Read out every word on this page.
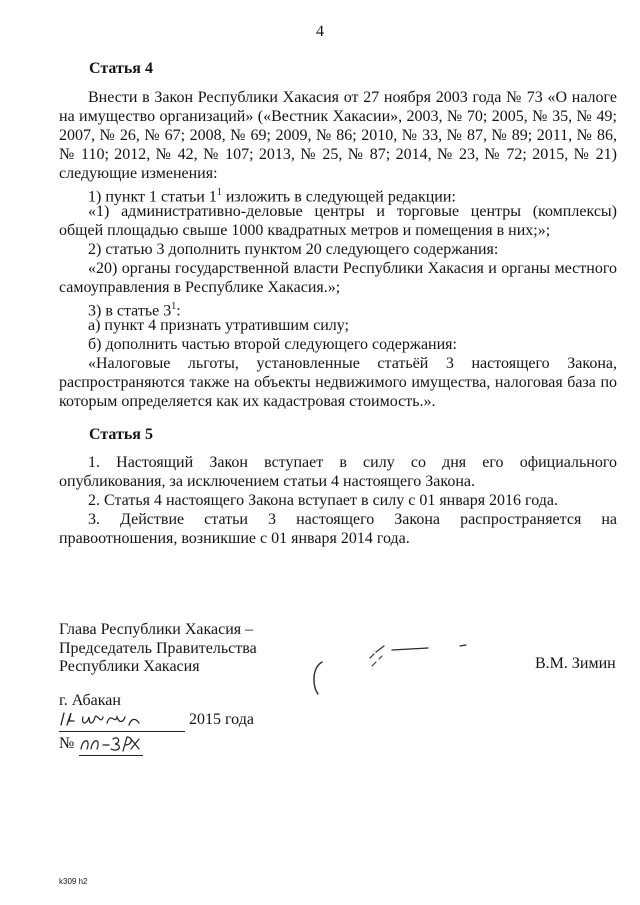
4
Статья 4
Внести в Закон Республики Хакасия от 27 ноября 2003 года № 73 «О налоге на имущество организаций» («Вестник Хакасии», 2003, № 70; 2005, № 35, № 49; 2007, № 26, № 67; 2008, № 69; 2009, № 86; 2010, № 33, № 87, № 89; 2011, № 86, № 110; 2012, № 42, № 107; 2013, № 25, № 87; 2014, № 23, № 72; 2015, № 21) следующие изменения:
1) пункт 1 статьи $1^1$ изложить в следующей редакции:
«1) административно-деловые центры и торговые центры (комплексы) общей площадью свыше 1000 квадратных метров и помещения в них;»;
2) статью 3 дополнить пунктом 20 следующего содержания:
«20) органы государственной власти Республики Хакасия и органы местного самоуправления в Республике Хакасия.»;
3) в статье $3^1$:
а) пункт 4 признать утратившим силу;
б) дополнить частью второй следующего содержания:
«Налоговые льготы, установленные статьёй 3 настоящего Закона, распространяются также на объекты недвижимого имущества, налоговая база по которым определяется как их кадастровая стоимость.».
Статья 5
1. Настоящий Закон вступает в силу со дня его официального опубликования, за исключением статьи 4 настоящего Закона.
2. Статья 4 настоящего Закона вступает в силу с 01 января 2016 года.
3. Действие статьи 3 настоящего Закона распространяется на правоотношения, возникшие с 01 января 2014 года.
Глава Республики Хакасия –
Председатель Правительства
Республики Хакасия	В.М. Зимин
г. Абакан
2015 года
№
k309 h2
